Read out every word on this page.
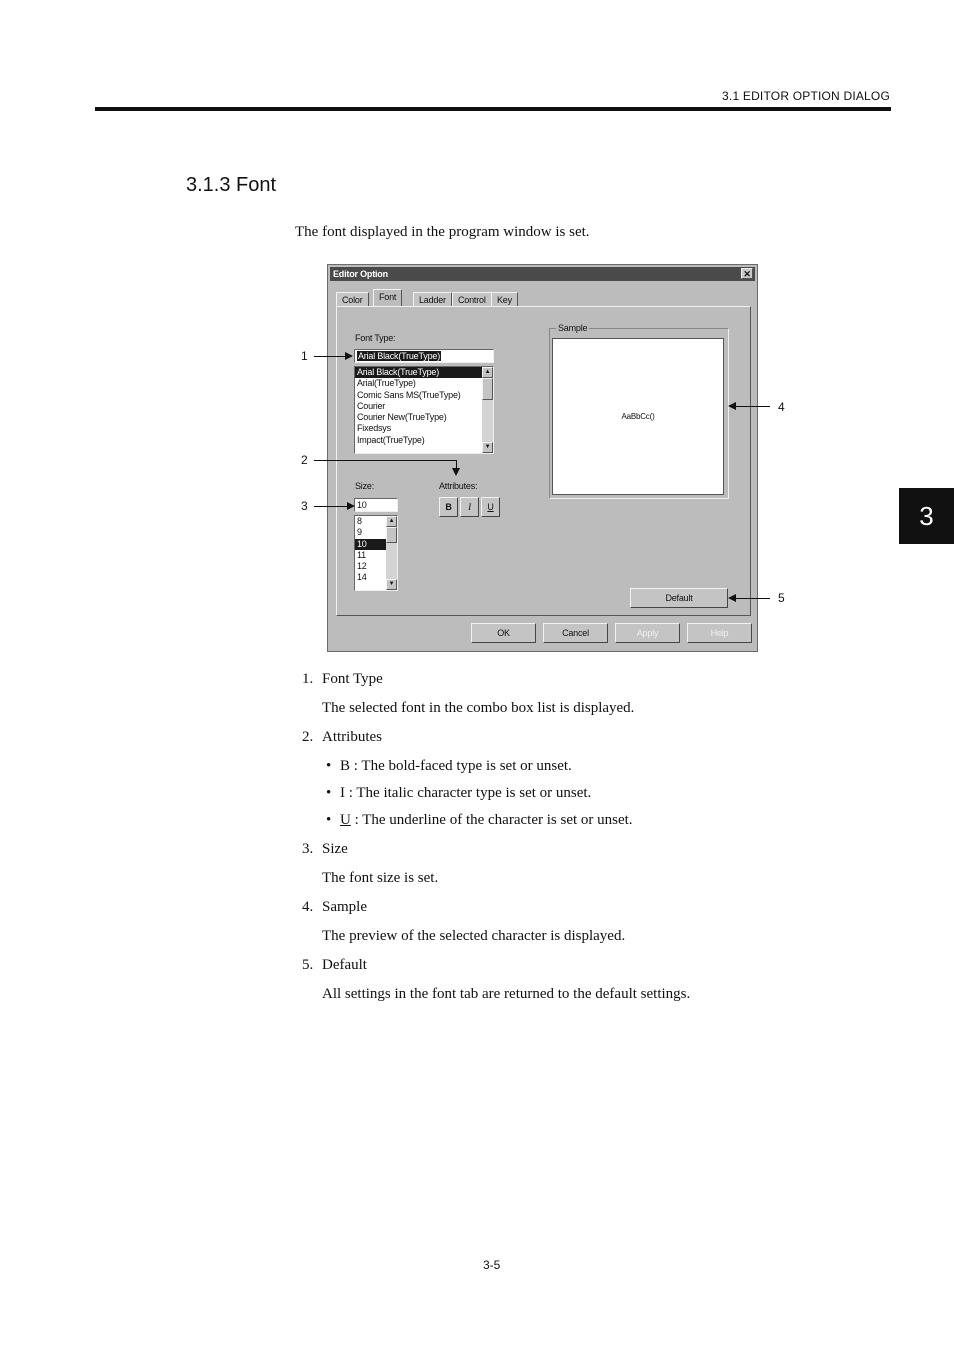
3.1 EDITOR OPTION DIALOG
3
3.1.3 Font
The font displayed in the program window is set.
Editor Option	✕
Color	Font	Ladder	Control	Key
Font Type:
Arial Black(TrueType)
Arial Black(TrueType)
Arial(TrueType)
Comic Sans MS(TrueType)
Courier
Courier New(TrueType)
Fixedsys
Impact(TrueType)
▲
▼
Size:
10
8
9
10
11
12
14
▲
▼
Attributes:
B	I	U
Sample
AaBbCc()
Default
OK	Cancel	Apply	Help
1
2
3
4
5
1. Font Type
The selected font in the combo box list is displayed.
2. Attributes
• B : The bold-faced type is set or unset.
• I : The italic character type is set or unset.
• U : The underline of the character is set or unset.
3. Size
The font size is set.
4. Sample
The preview of the selected character is displayed.
5. Default
All settings in the font tab are returned to the default settings.
3-5
